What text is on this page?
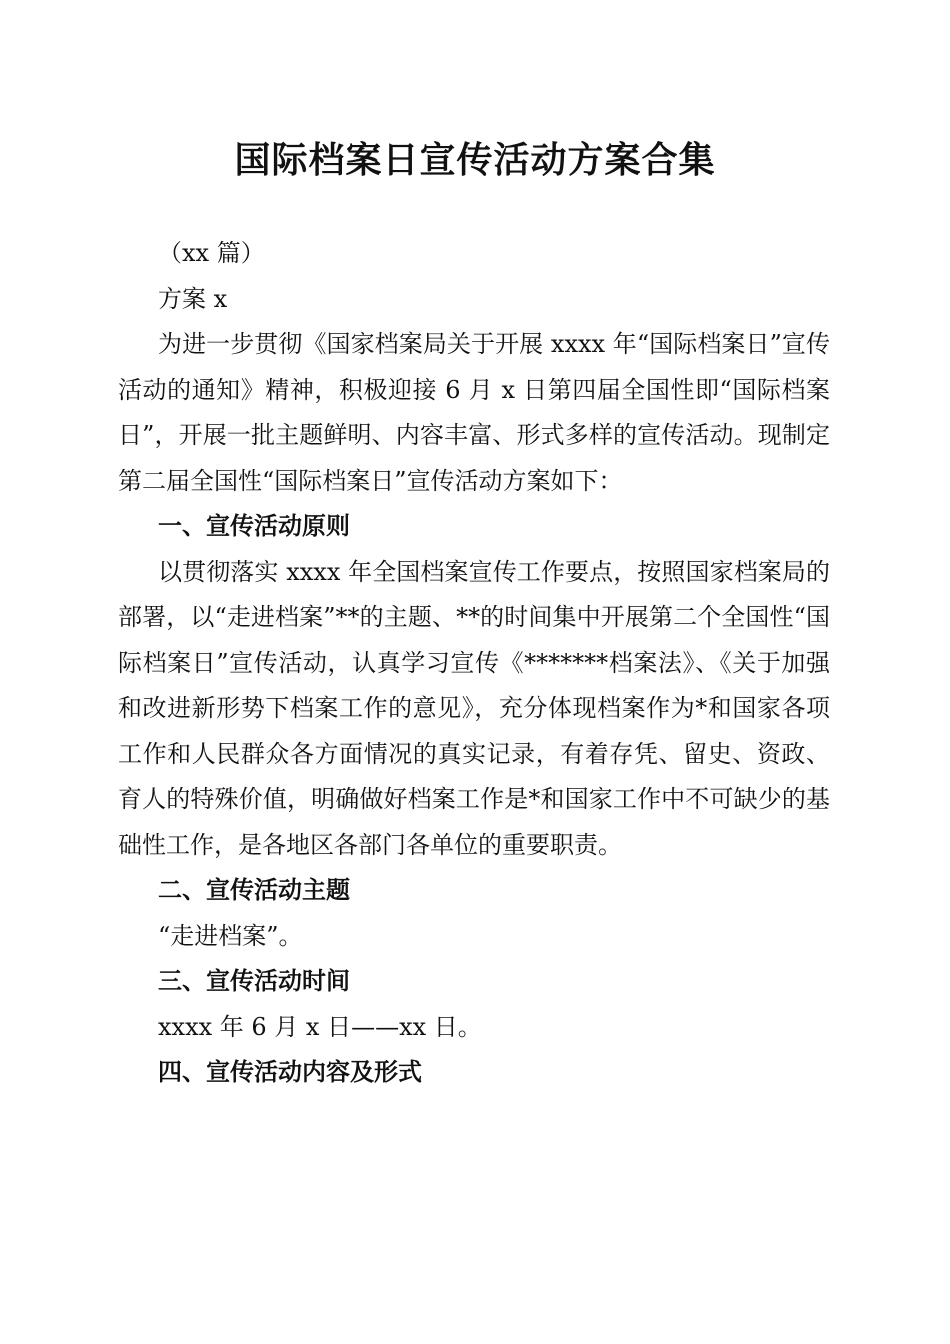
国际档案日宣传活动方案合集

（xx 篇）

方案 x

为进一步贯彻《国家档案局关于开展 xxxx 年“国际档案日”宣传活动的通知》精神，积极迎接 6 月 x 日第四届全国性即“国际档案日”，开展一批主题鲜明、内容丰富、形式多样的宣传活动。现制定第二届全国性“国际档案日”宣传活动方案如下：

一、宣传活动原则

以贯彻落实 xxxx 年全国档案宣传工作要点，按照国家档案局的部署，以“走进档案”**的主题、**的时间集中开展第二个全国性“国际档案日”宣传活动，认真学习宣传《*******档案法》、《关于加强和改进新形势下档案工作的意见》，充分体现档案作为*和国家各项工作和人民群众各方面情况的真实记录，有着存凭、留史、资政、育人的特殊价值，明确做好档案工作是*和国家工作中不可缺少的基础性工作，是各地区各部门各单位的重要职责。

二、宣传活动主题

“走进档案”。

三、宣传活动时间

xxxx 年 6 月 x 日——xx 日。

四、宣传活动内容及形式
